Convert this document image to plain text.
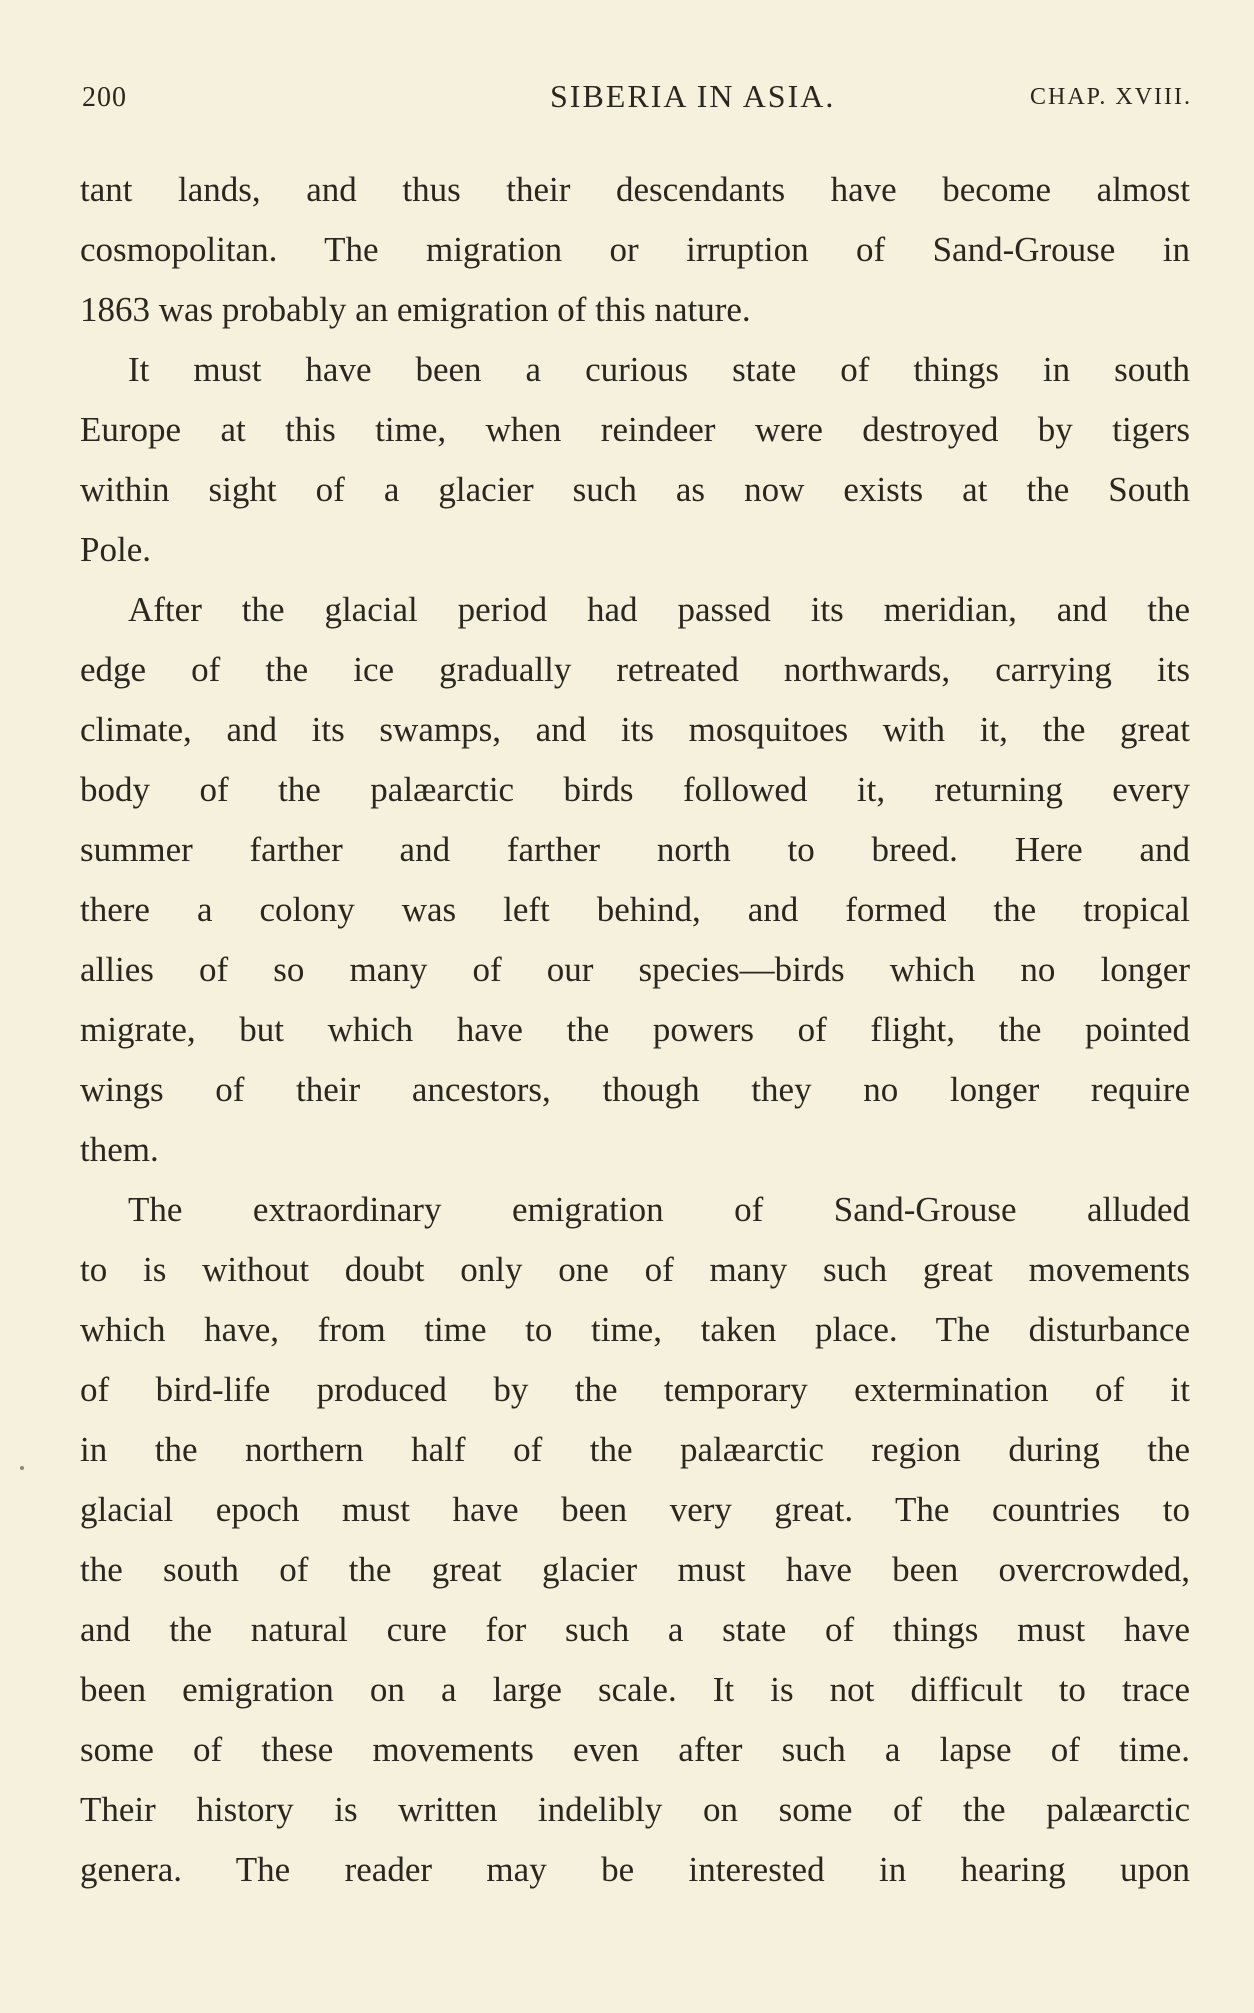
200	SIBERIA IN ASIA.	CHAP. XVIII.
tant lands, and thus their descendants have become almost
cosmopolitan. The migration or irruption of Sand-Grouse in
1863 was probably an emigration of this nature.
It must have been a curious state of things in south
Europe at this time, when reindeer were destroyed by tigers
within sight of a glacier such as now exists at the South
Pole.
After the glacial period had passed its meridian, and the
edge of the ice gradually retreated northwards, carrying its
climate, and its swamps, and its mosquitoes with it, the great
body of the palæarctic birds followed it, returning every
summer farther and farther north to breed. Here and
there a colony was left behind, and formed the tropical
allies of so many of our species—birds which no longer
migrate, but which have the powers of flight, the pointed
wings of their ancestors, though they no longer require
them.
The extraordinary emigration of Sand-Grouse alluded
to is without doubt only one of many such great movements
which have, from time to time, taken place. The disturbance
of bird-life produced by the temporary extermination of it
in the northern half of the palæarctic region during the
glacial epoch must have been very great. The countries to
the south of the great glacier must have been overcrowded,
and the natural cure for such a state of things must have
been emigration on a large scale. It is not difficult to trace
some of these movements even after such a lapse of time.
Their history is written indelibly on some of the palæarctic
genera. The reader may be interested in hearing upon
